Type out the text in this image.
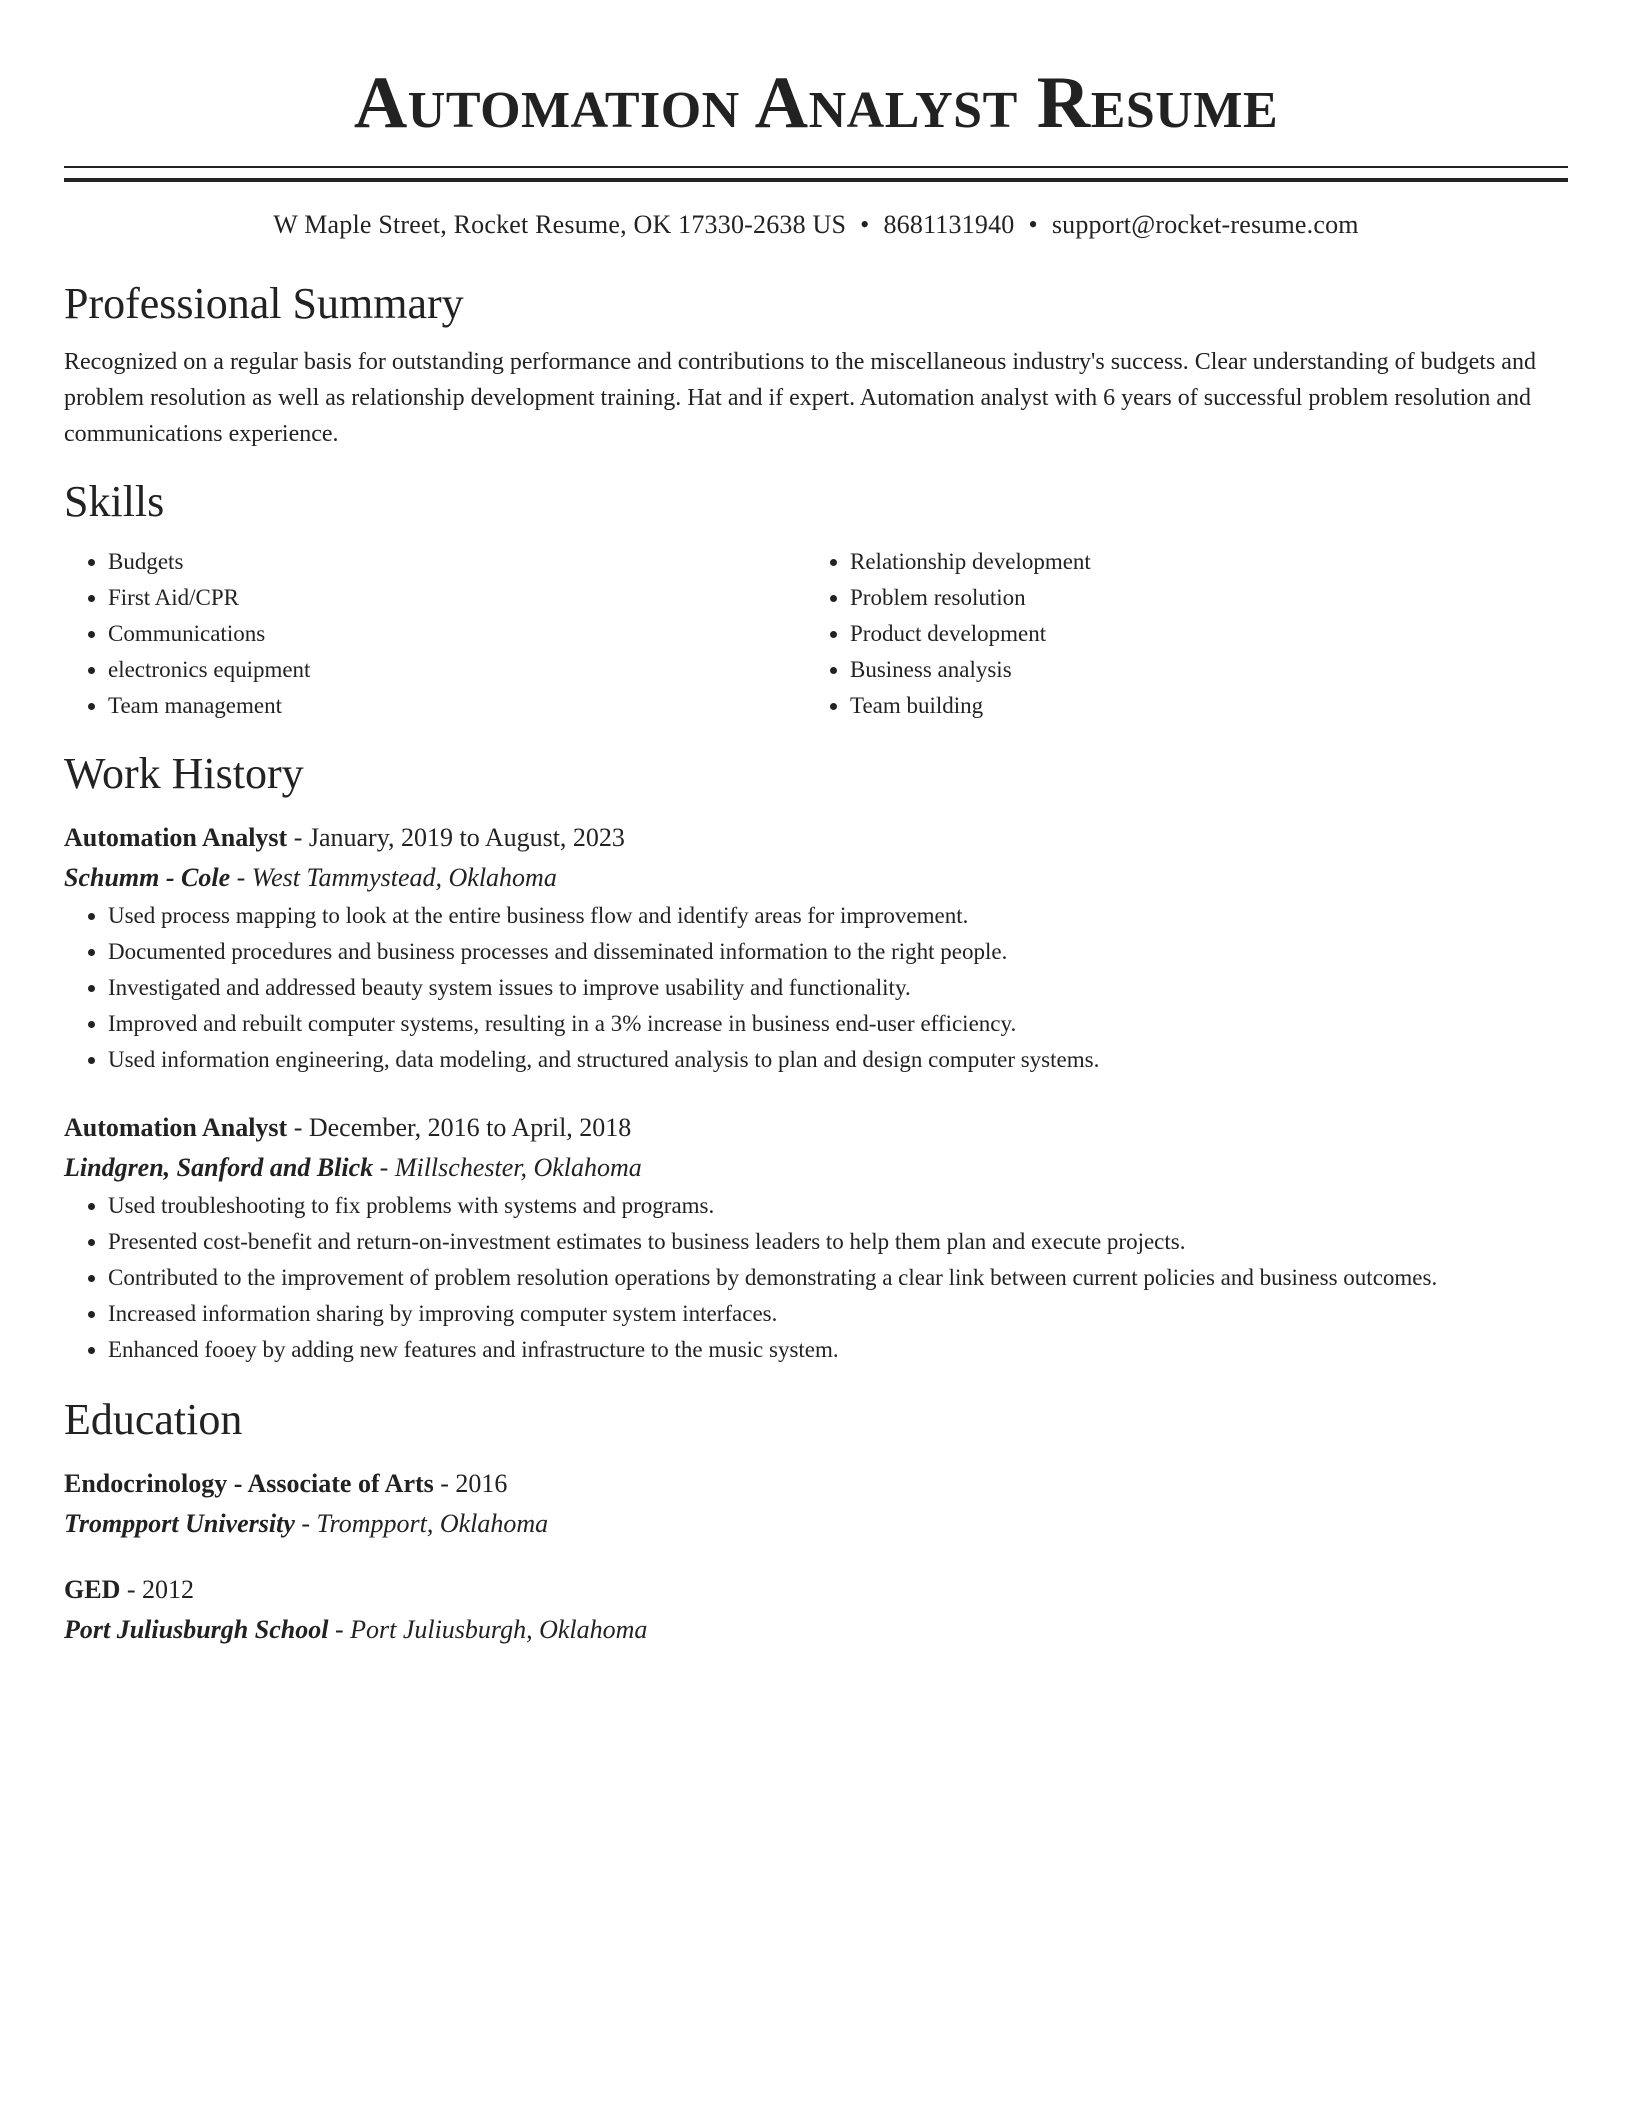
Automation Analyst Resume
W Maple Street, Rocket Resume, OK 17330-2638 US • 8681131940 • support@rocket-resume.com
Professional Summary
Recognized on a regular basis for outstanding performance and contributions to the miscellaneous industry's success. Clear understanding of budgets and problem resolution as well as relationship development training. Hat and if expert. Automation analyst with 6 years of successful problem resolution and communications experience.
Skills
• Budgets
• First Aid/CPR
• Communications
• electronics equipment
• Team management
• Relationship development
• Problem resolution
• Product development
• Business analysis
• Team building
Work History
Automation Analyst - January, 2019 to August, 2023
Schumm - Cole - West Tammystead, Oklahoma
• Used process mapping to look at the entire business flow and identify areas for improvement.
• Documented procedures and business processes and disseminated information to the right people.
• Investigated and addressed beauty system issues to improve usability and functionality.
• Improved and rebuilt computer systems, resulting in a 3% increase in business end-user efficiency.
• Used information engineering, data modeling, and structured analysis to plan and design computer systems.
Automation Analyst - December, 2016 to April, 2018
Lindgren, Sanford and Blick - Millschester, Oklahoma
• Used troubleshooting to fix problems with systems and programs.
• Presented cost-benefit and return-on-investment estimates to business leaders to help them plan and execute projects.
• Contributed to the improvement of problem resolution operations by demonstrating a clear link between current policies and business outcomes.
• Increased information sharing by improving computer system interfaces.
• Enhanced fooey by adding new features and infrastructure to the music system.
Education
Endocrinology - Associate of Arts - 2016
Trompport University - Trompport, Oklahoma
GED - 2012
Port Juliusburgh School - Port Juliusburgh, Oklahoma
